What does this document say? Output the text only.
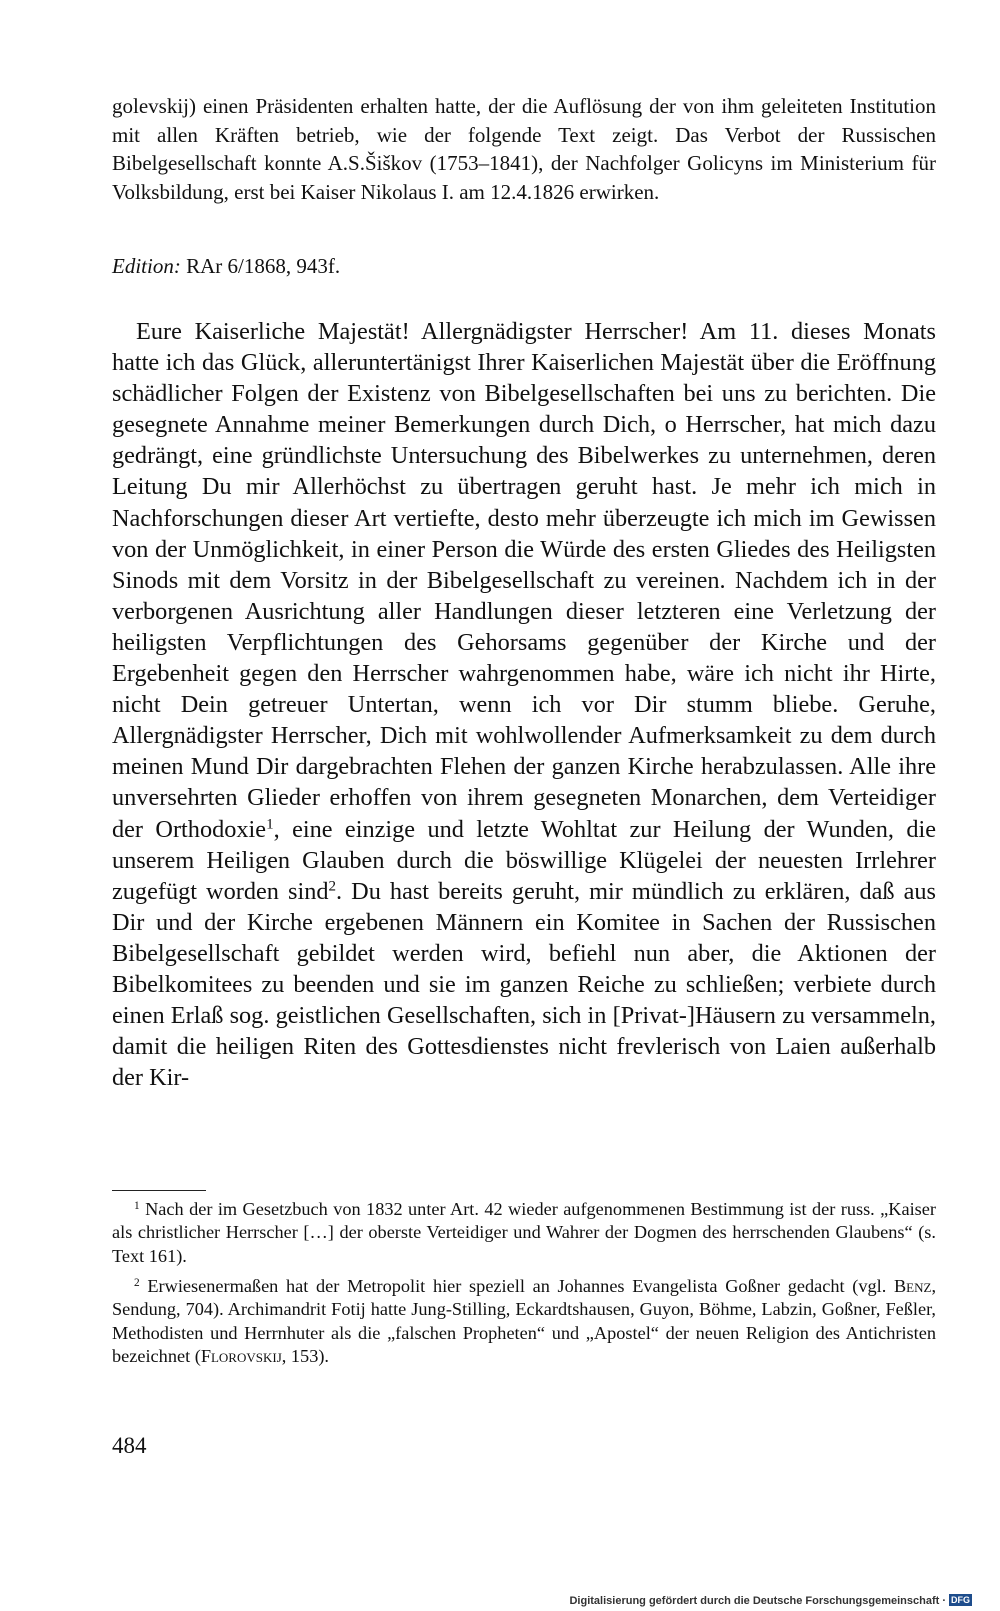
golevskij) einen Präsidenten erhalten hatte, der die Auflösung der von ihm geleiteten Institution mit allen Kräften betrieb, wie der folgende Text zeigt. Das Verbot der Russischen Bibelgesellschaft konnte A.S.Šiškov (1753–1841), der Nachfolger Golicyns im Ministerium für Volksbildung, erst bei Kaiser Nikolaus I. am 12.4.1826 erwirken.

Edition: RAr 6/1868, 943f.

Eure Kaiserliche Majestät! Allergnädigster Herrscher! Am 11. dieses Monats hatte ich das Glück, alleruntertänigst Ihrer Kaiserlichen Majestät über die Eröffnung schädlicher Folgen der Existenz von Bibelgesellschaften bei uns zu berichten. Die gesegnete Annahme meiner Bemerkungen durch Dich, o Herrscher, hat mich dazu gedrängt, eine gründlichste Untersuchung des Bibelwerkes zu unternehmen, deren Leitung Du mir Allerhöchst zu übertragen geruht hast. Je mehr ich mich in Nachforschungen dieser Art vertiefte, desto mehr überzeugte ich mich im Gewissen von der Unmöglichkeit, in einer Person die Würde des ersten Gliedes des Heiligsten Sinods mit dem Vorsitz in der Bibelgesellschaft zu vereinen. Nachdem ich in der verborgenen Ausrichtung aller Handlungen dieser letzteren eine Verletzung der heiligsten Verpflichtungen des Gehorsams gegenüber der Kirche und der Ergebenheit gegen den Herrscher wahrgenommen habe, wäre ich nicht ihr Hirte, nicht Dein getreuer Untertan, wenn ich vor Dir stumm bliebe. Geruhe, Allergnädigster Herrscher, Dich mit wohlwollender Aufmerksamkeit zu dem durch meinen Mund Dir dargebrachten Flehen der ganzen Kirche herabzulassen. Alle ihre unversehrten Glieder erhoffen von ihrem gesegneten Monarchen, dem Verteidiger der Orthodoxie$^1$, eine einzige und letzte Wohltat zur Heilung der Wunden, die unserem Heiligen Glauben durch die böswillige Klügelei der neuesten Irrlehrer zugefügt worden sind$^2$. Du hast bereits geruht, mir mündlich zu erklären, daß aus Dir und der Kirche ergebenen Männern ein Komitee in Sachen der Russischen Bibelgesellschaft gebildet werden wird, befiehl nun aber, die Aktionen der Bibelkomitees zu beenden und sie im ganzen Reiche zu schließen; verbiete durch einen Erlaß sog. geistlichen Gesellschaften, sich in [Privat-]Häusern zu versammeln, damit die heiligen Riten des Gottesdienstes nicht frevlerisch von Laien außerhalb der Kir-

$^1$ Nach der im Gesetzbuch von 1832 unter Art. 42 wieder aufgenommenen Bestimmung ist der russ. „Kaiser als christlicher Herrscher […] der oberste Verteidiger und Wahrer der Dogmen des herrschenden Glaubens“ (s. Text 161).

$^2$ Erwiesenermaßen hat der Metropolit hier speziell an Johannes Evangelista Goßner gedacht (vgl. Benz, Sendung, 704). Archimandrit Fotij hatte Jung-Stilling, Eckardtshausen, Guyon, Böhme, Labzin, Goßner, Feßler, Methodisten und Herrnhuter als die „falschen Propheten“ und „Apostel“ der neuen Religion des Antichristen bezeichnet (Florovskij, 153).

484
Digitalisierung gefördert durch die Deutsche Forschungsgemeinschaft · DFG
